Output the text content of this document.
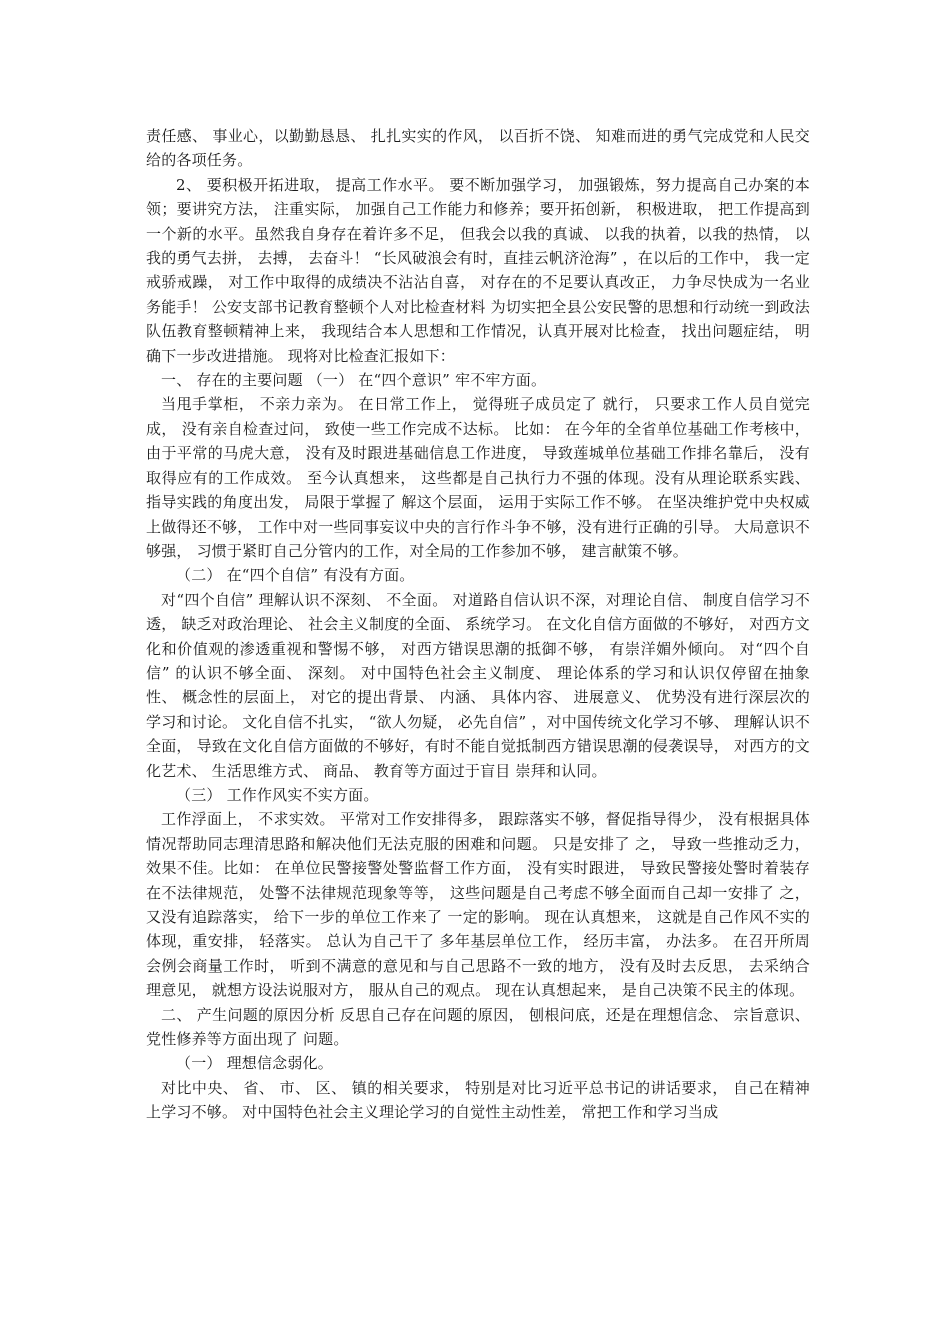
责任感、 事业心，以勤勤恳恳、 扎扎实实的作风， 以百折不饶、 知难而进的勇气完成党和人民交给的各项任务。

2、 要积极开拓进取， 提高工作水平。 要不断加强学习， 加强锻炼，努力提高自己办案的本领；要讲究方法， 注重实际， 加强自己工作能力和修养；要开拓创新， 积极进取， 把工作提高到一个新的水平。虽然我自身存在着许多不足， 但我会以我的真诚、 以我的执着，以我的热情， 以我的勇气去拼， 去搏， 去奋斗！ “长风破浪会有时，直挂云帆济沧海” ，在以后的工作中， 我一定戒骄戒躁， 对工作中取得的成绩决不沾沾自喜， 对存在的不足要认真改正， 力争尽快成为一名业务能手！ 公安支部书记教育整顿个人对比检查材料 为切实把全县公安民警的思想和行动统一到政法队伍教育整顿精神上来， 我现结合本人思想和工作情况，认真开展对比检查， 找出问题症结， 明确下一步改进措施。 现将对比检查汇报如下：

一、 存在的主要问题 （一） 在“四个意识” 牢不牢方面。

当甩手掌柜， 不亲力亲为。 在日常工作上， 觉得班子成员定了 就行， 只要求工作人员自觉完成， 没有亲自检查过问， 致使一些工作完成不达标。 比如： 在今年的全省单位基础工作考核中， 由于平常的马虎大意， 没有及时跟进基础信息工作进度， 导致莲城单位基础工作排名靠后， 没有取得应有的工作成效。 至今认真想来， 这些都是自己执行力不强的体现。没有从理论联系实践、 指导实践的角度出发， 局限于掌握了 解这个层面， 运用于实际工作不够。 在坚决维护党中央权威上做得还不够， 工作中对一些同事妄议中央的言行作斗争不够，没有进行正确的引导。 大局意识不够强， 习惯于紧盯自己分管内的工作，对全局的工作参加不够， 建言献策不够。

（二） 在“四个自信” 有没有方面。

对“四个自信” 理解认识不深刻、 不全面。 对道路自信认识不深，对理论自信、 制度自信学习不透， 缺乏对政治理论、 社会主义制度的全面、 系统学习。 在文化自信方面做的不够好， 对西方文化和价值观的渗透重视和警惕不够， 对西方错误思潮的抵御不够， 有崇洋媚外倾向。 对“四个自信” 的认识不够全面、 深刻。 对中国特色社会主义制度、 理论体系的学习和认识仅停留在抽象性、 概念性的层面上， 对它的提出背景、 内涵、 具体内容、 进展意义、 优势没有进行深层次的学习和讨论。 文化自信不扎实， “欲人勿疑， 必先自信” ，对中国传统文化学习不够、 理解认识不全面， 导致在文化自信方面做的不够好，有时不能自觉抵制西方错误思潮的侵袭误导， 对西方的文化艺术、 生活思维方式、 商品、 教育等方面过于盲目 崇拜和认同。

（三） 工作作风实不实方面。

工作浮面上， 不求实效。 平常对工作安排得多， 跟踪落实不够，督促指导得少， 没有根据具体情况帮助同志理清思路和解决他们无法克服的困难和问题。 只是安排了 之， 导致一些推动乏力， 效果不佳。比如： 在单位民警接警处警监督工作方面， 没有实时跟进， 导致民警接处警时着装存在不法律规范， 处警不法律规范现象等等， 这些问题是自己考虑不够全面而自己却一安排了 之， 又没有追踪落实， 给下一步的单位工作来了 一定的影响。 现在认真想来， 这就是自己作风不实的体现，重安排， 轻落实。 总认为自己干了 多年基层单位工作， 经历丰富， 办法多。 在召开所周会例会商量工作时， 听到不满意的意见和与自己思路不一致的地方， 没有及时去反思， 去采纳合理意见， 就想方设法说服对方， 服从自己的观点。 现在认真想起来， 是自己决策不民主的体现。

二、 产生问题的原因分析 反思自己存在问题的原因， 刨根问底，还是在理想信念、 宗旨意识、 党性修养等方面出现了 问题。

（一） 理想信念弱化。

对比中央、 省、 市、 区、 镇的相关要求， 特别是对比习近平总书记的讲话要求， 自己在精神上学习不够。 对中国特色社会主义理论学习的自觉性主动性差， 常把工作和学习当成
